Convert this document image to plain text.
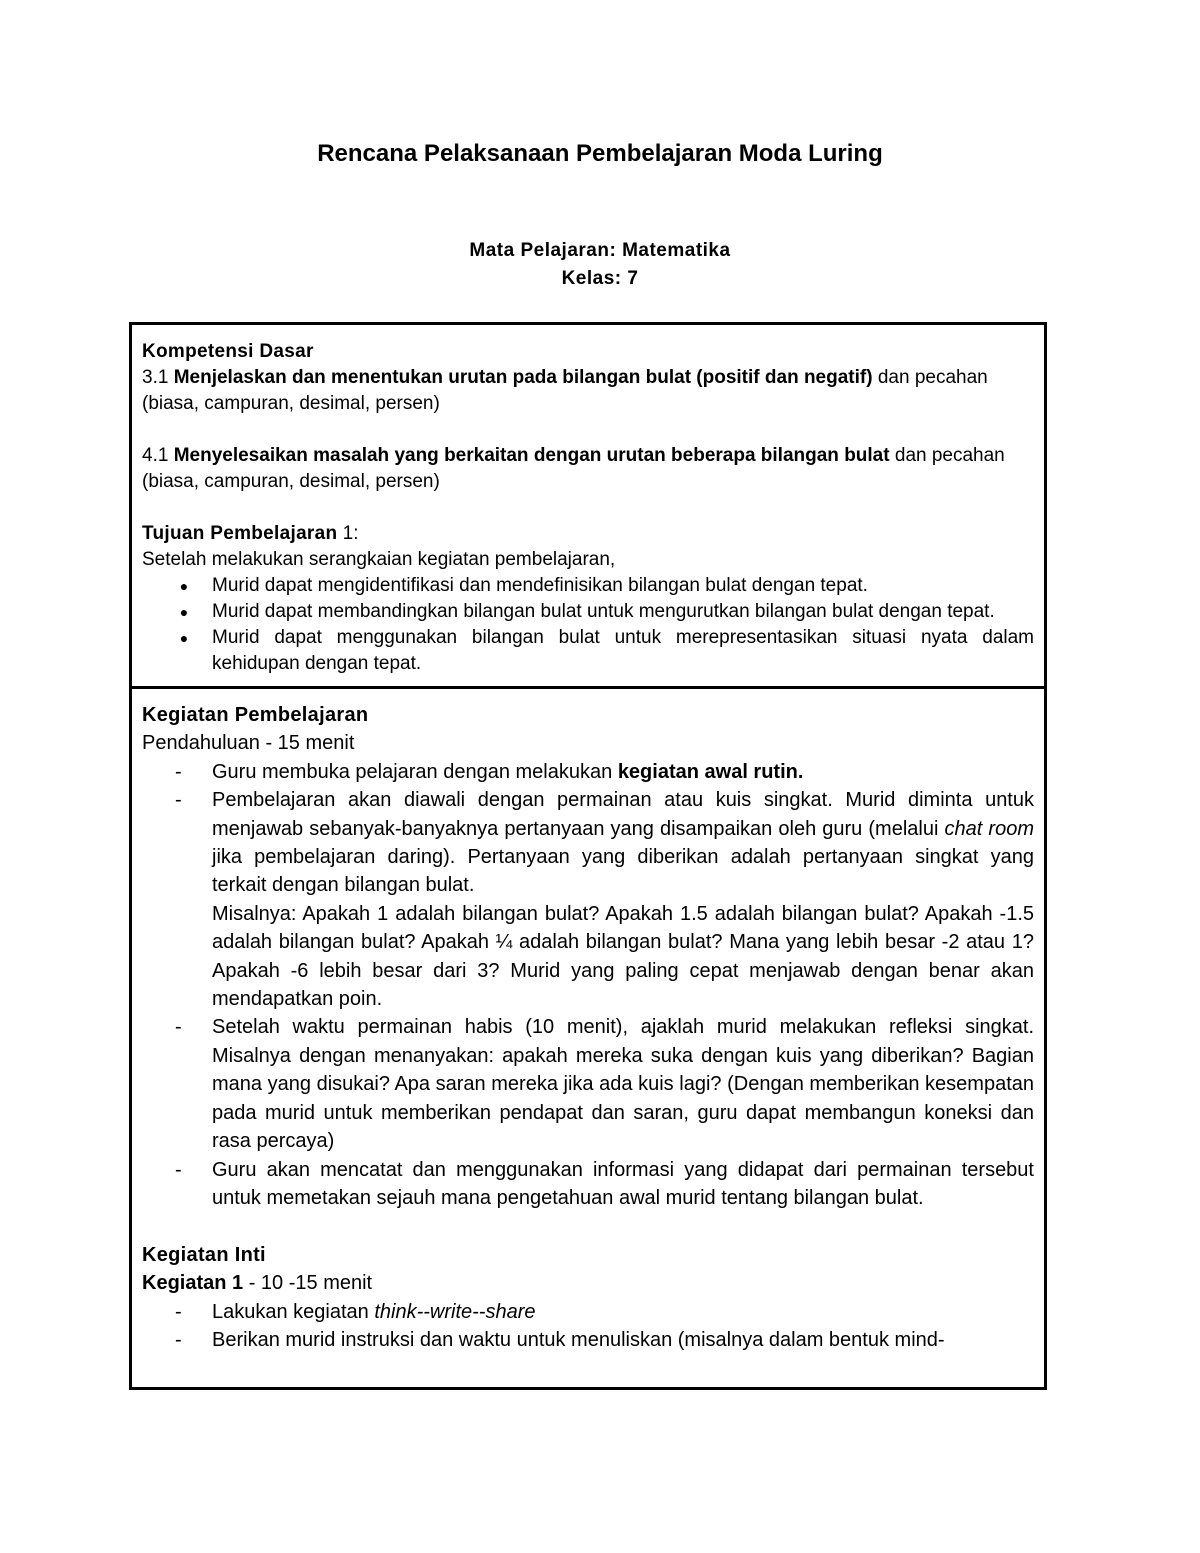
Rencana Pelaksanaan Pembelajaran Moda Luring
Mata Pelajaran: Matematika
Kelas: 7

Kompetensi Dasar

3.1 Menjelaskan dan menentukan urutan pada bilangan bulat (positif dan negatif) dan pecahan (biasa, campuran, desimal, persen)

4.1 Menyelesaikan masalah yang berkaitan dengan urutan beberapa bilangan bulat dan pecahan (biasa, campuran, desimal, persen)

Tujuan Pembelajaran 1:

Setelah melakukan serangkaian kegiatan pembelajaran,

● Murid dapat mengidentifikasi dan mendefinisikan bilangan bulat dengan tepat.
● Murid dapat membandingkan bilangan bulat untuk mengurutkan bilangan bulat dengan tepat.
● Murid dapat menggunakan bilangan bulat untuk merepresentasikan situasi nyata dalam kehidupan dengan tepat.

Kegiatan Pembelajaran

Pendahuluan - 15 menit

- Guru membuka pelajaran dengan melakukan kegiatan awal rutin.
- Pembelajaran akan diawali dengan permainan atau kuis singkat. Murid diminta untuk menjawab sebanyak-banyaknya pertanyaan yang disampaikan oleh guru (melalui chat room jika pembelajaran daring). Pertanyaan yang diberikan adalah pertanyaan singkat yang terkait dengan bilangan bulat.
Misalnya: Apakah 1 adalah bilangan bulat? Apakah 1.5 adalah bilangan bulat? Apakah -1.5 adalah bilangan bulat? Apakah ¼ adalah bilangan bulat? Mana yang lebih besar -2 atau 1? Apakah -6 lebih besar dari 3? Murid yang paling cepat menjawab dengan benar akan mendapatkan poin.
- Setelah waktu permainan habis (10 menit), ajaklah murid melakukan refleksi singkat. Misalnya dengan menanyakan: apakah mereka suka dengan kuis yang diberikan? Bagian mana yang disukai? Apa saran mereka jika ada kuis lagi? (Dengan memberikan kesempatan pada murid untuk memberikan pendapat dan saran, guru dapat membangun koneksi dan rasa percaya)
- Guru akan mencatat dan menggunakan informasi yang didapat dari permainan tersebut untuk memetakan sejauh mana pengetahuan awal murid tentang bilangan bulat.

Kegiatan Inti

Kegiatan 1 - 10 -15 menit

- Lakukan kegiatan think--write--share
- Berikan murid instruksi dan waktu untuk menuliskan (misalnya dalam bentuk mind-
